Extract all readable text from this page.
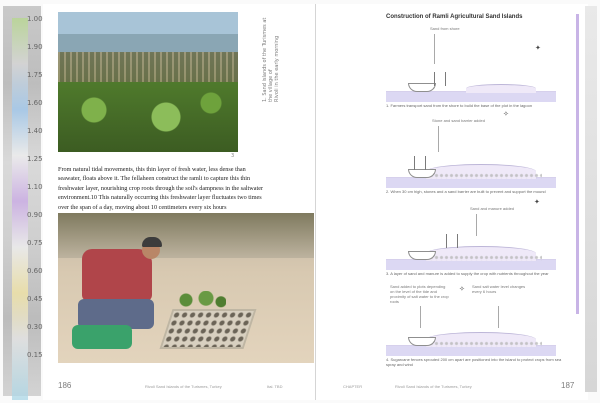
1.00
1.90
1.75
1.60
1.40
1.25
1.10
0.90
0.75
0.60
0.45
0.30
0.15
1. Sand islands of the Turismes at the village of Rivoli in the early morning
3

From natural tidal movements, this thin layer of fresh water, less dense than seawater, floats above it. The fellaheen construct the ramli to capture this thin freshwater layer, nourishing crop roots through the soil's dampness in the saltwater environment.10 This naturally occurring this freshwater layer fluctuates two times over the span of a day, moving about 10 centimeters every six hours

186	Rivoli Sand Islands of the Turismes, Turkey	Ital. TBD
Construction of Ramli Agricultural Sand Islands
✦
✧
✦
✧
Sand from shore
1. Farmers transport sand from the shore to build the base of the plot in the lagoon
Stone and sand barrier added
2. When 30 cm high, stones and a sand barrier are built to prevent and support the mound
Sand and manure added
3. A layer of sand and manure is added to supply the crop with nutrients throughout the year
Sand added to plots depending on the level of the tide and proximity of salt water to the crop roots
Sand salt water level changes every 6 hours
4. Sugarcane fences sprouted 200 cm apart are positioned into the island to protect crops from sea spray and wind
187
CHAPTER	Rivoli Sand Islands of the Turismes, Turkey
